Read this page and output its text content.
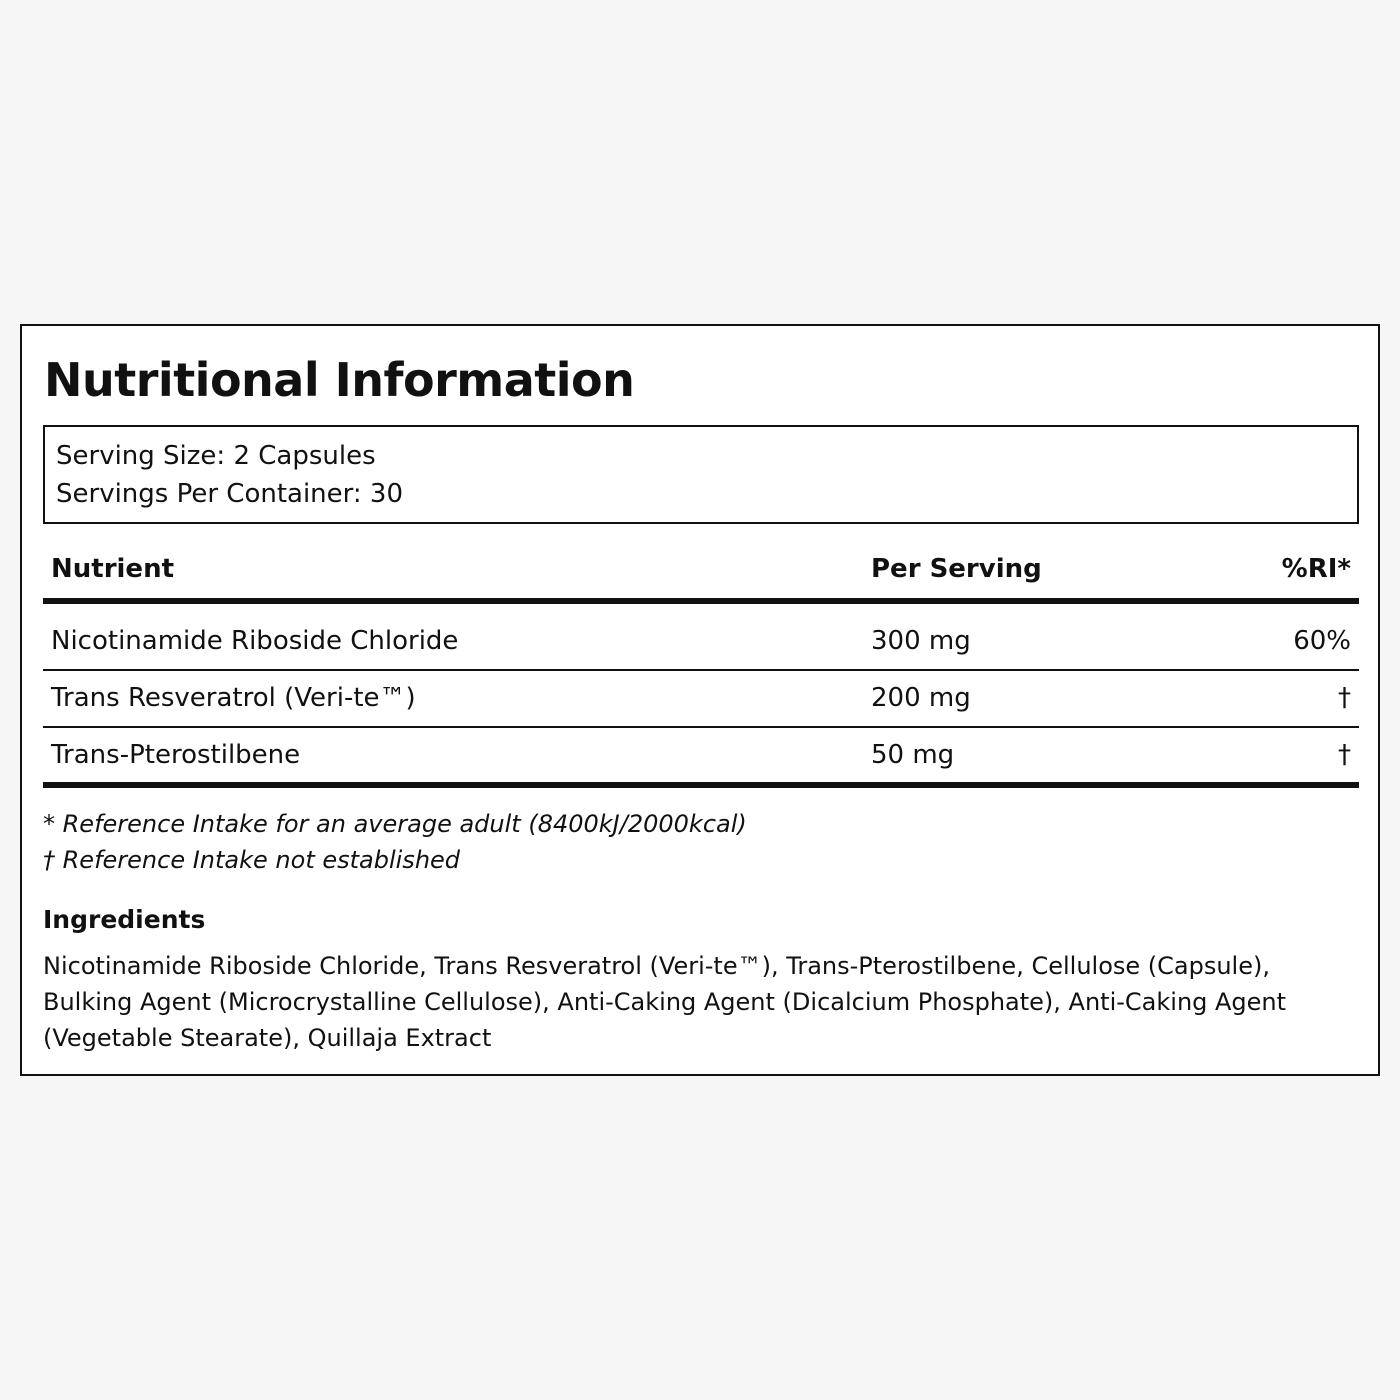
Nutritional Information
Serving Size: 2 Capsules
Servings Per Container: 30
Nutrient	Per Serving	%RI*
Nicotinamide Riboside Chloride	300 mg	60%
Trans Resveratrol (Veri-te™)	200 mg	†
Trans-Pterostilbene	50 mg	†
* Reference Intake for an average adult (8400kJ/2000kcal)
† Reference Intake not established
Ingredients
Nicotinamide Riboside Chloride, Trans Resveratrol (Veri-te™), Trans-Pterostilbene, Cellulose (Capsule), Bulking Agent (Microcrystalline Cellulose), Anti-Caking Agent (Dicalcium Phosphate), Anti-Caking Agent (Vegetable Stearate), Quillaja Extract
